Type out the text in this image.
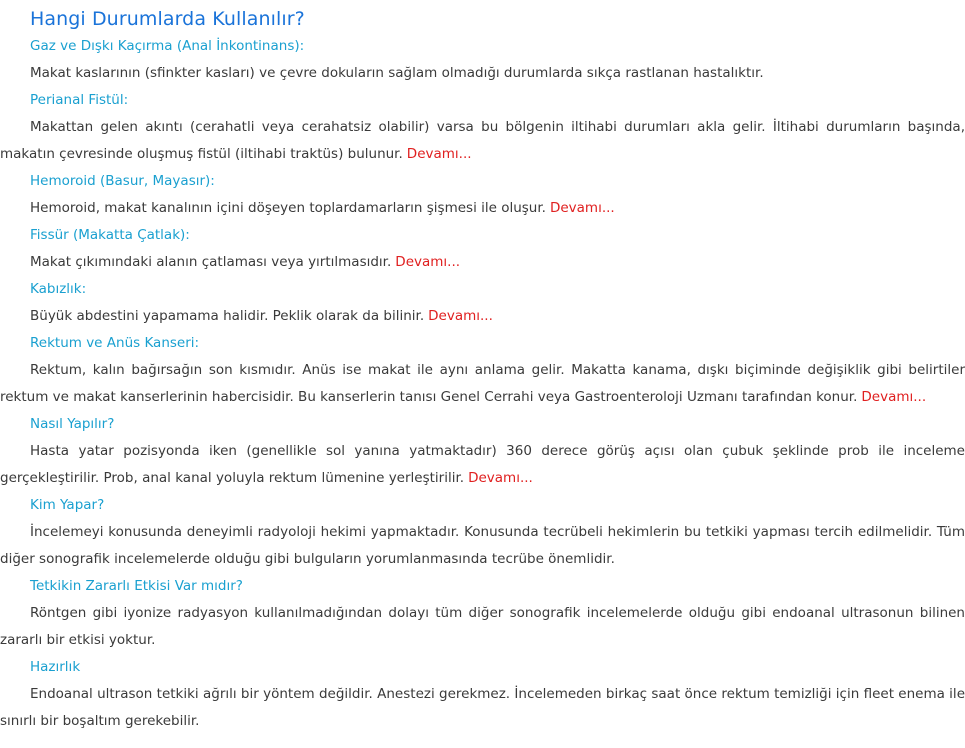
Hangi Durumlarda Kullanılır?
Gaz ve Dışkı Kaçırma (Anal İnkontinans):

Makat kaslarının (sfinkter kasları) ve çevre dokuların sağlam olmadığı durumlarda sıkça rastlanan hastalıktır.

Perianal Fistül:

Makattan gelen akıntı (cerahatli veya cerahatsiz olabilir) varsa bu bölgenin iltihabi durumları akla gelir. İltihabi durumların başında, makatın çevresinde oluşmuş fistül (iltihabi traktüs) bulunur. Devamı...

Hemoroid (Basur, Mayasır):

Hemoroid, makat kanalının içini döşeyen toplardamarların şişmesi ile oluşur. Devamı...

Fissür (Makatta Çatlak):

Makat çıkımındaki alanın çatlaması veya yırtılmasıdır. Devamı...

Kabızlık:

Büyük abdestini yapamama halidir. Peklik olarak da bilinir. Devamı...

Rektum ve Anüs Kanseri:

Rektum, kalın bağırsağın son kısmıdır. Anüs ise makat ile aynı anlama gelir. Makatta kanama, dışkı biçiminde değişiklik gibi belirtiler rektum ve makat kanserlerinin habercisidir. Bu kanserlerin tanısı Genel Cerrahi veya Gastroenteroloji Uzmanı tarafından konur. Devamı...

Nasıl Yapılır?

Hasta yatar pozisyonda iken (genellikle sol yanına yatmaktadır) 360 derece görüş açısı olan çubuk şeklinde prob ile inceleme gerçekleştirilir. Prob, anal kanal yoluyla rektum lümenine yerleştirilir. Devamı...

Kim Yapar?

İncelemeyi konusunda deneyimli radyoloji hekimi yapmaktadır. Konusunda tecrübeli hekimlerin bu tetkiki yapması tercih edilmelidir. Tüm diğer sonografik incelemelerde olduğu gibi bulguların yorumlanmasında tecrübe önemlidir.

Tetkikin Zararlı Etkisi Var mıdır?

Röntgen gibi iyonize radyasyon kullanılmadığından dolayı tüm diğer sonografik incelemelerde olduğu gibi endoanal ultrasonun bilinen zararlı bir etkisi yoktur.

Hazırlık

Endoanal ultrason tetkiki ağrılı bir yöntem değildir. Anestezi gerekmez. İncelemeden birkaç saat önce rektum temizliği için fleet enema ile sınırlı bir boşaltım gerekebilir.
